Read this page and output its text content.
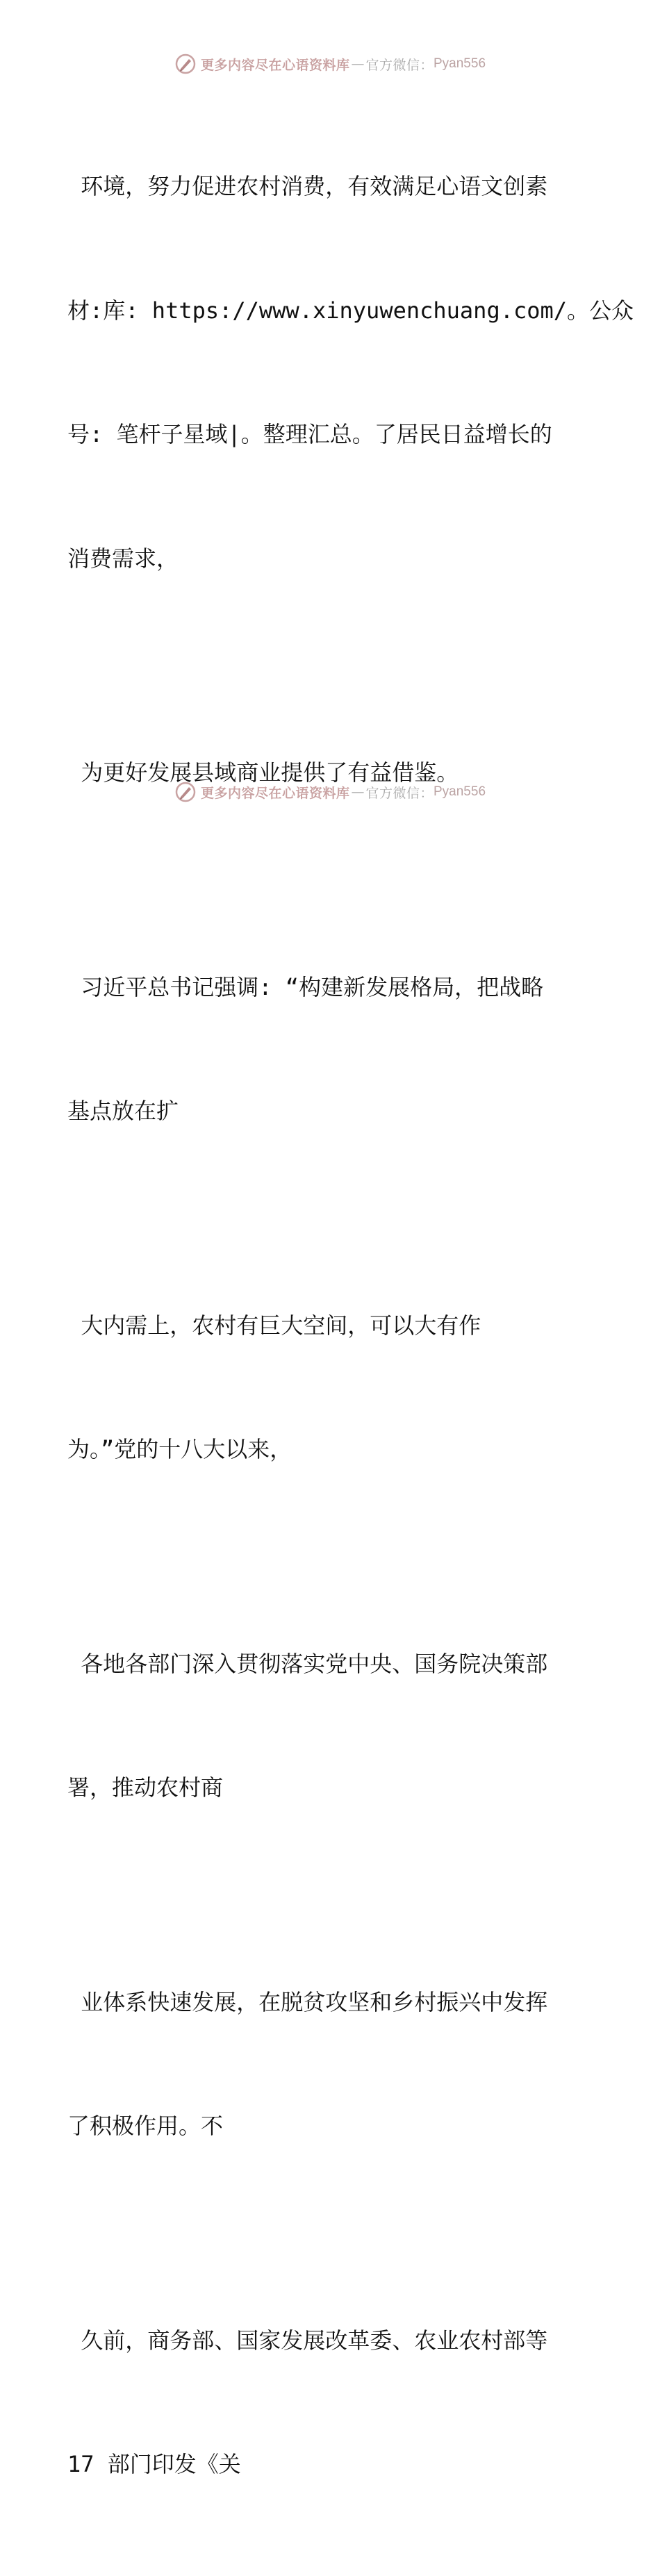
更多内容尽在心语资料库 — 官方微信： Pyan556

环境，努力促进农村消费，有效满足心语文创素

材:库: https://www.xinyuwenchuang.com/。公众

号: 笔杆子星域|。整理汇总。了居民日益增长的

消费需求，

为更好发展县域商业提供了有益借鉴。

习近平总书记强调: “构建新发展格局，把战略

基点放在扩

大内需上，农村有巨大空间，可以大有作

为。”党的十八大以来，

各地各部门深入贯彻落实党中央、国务院决策部

署，推动农村商

业体系快速发展，在脱贫攻坚和乡村振兴中发挥

了积极作用。不

久前，商务部、国家发展改革委、农业农村部等

17 部门印发《关

更多内容尽在心语资料库 — 官方微信： Pyan556
